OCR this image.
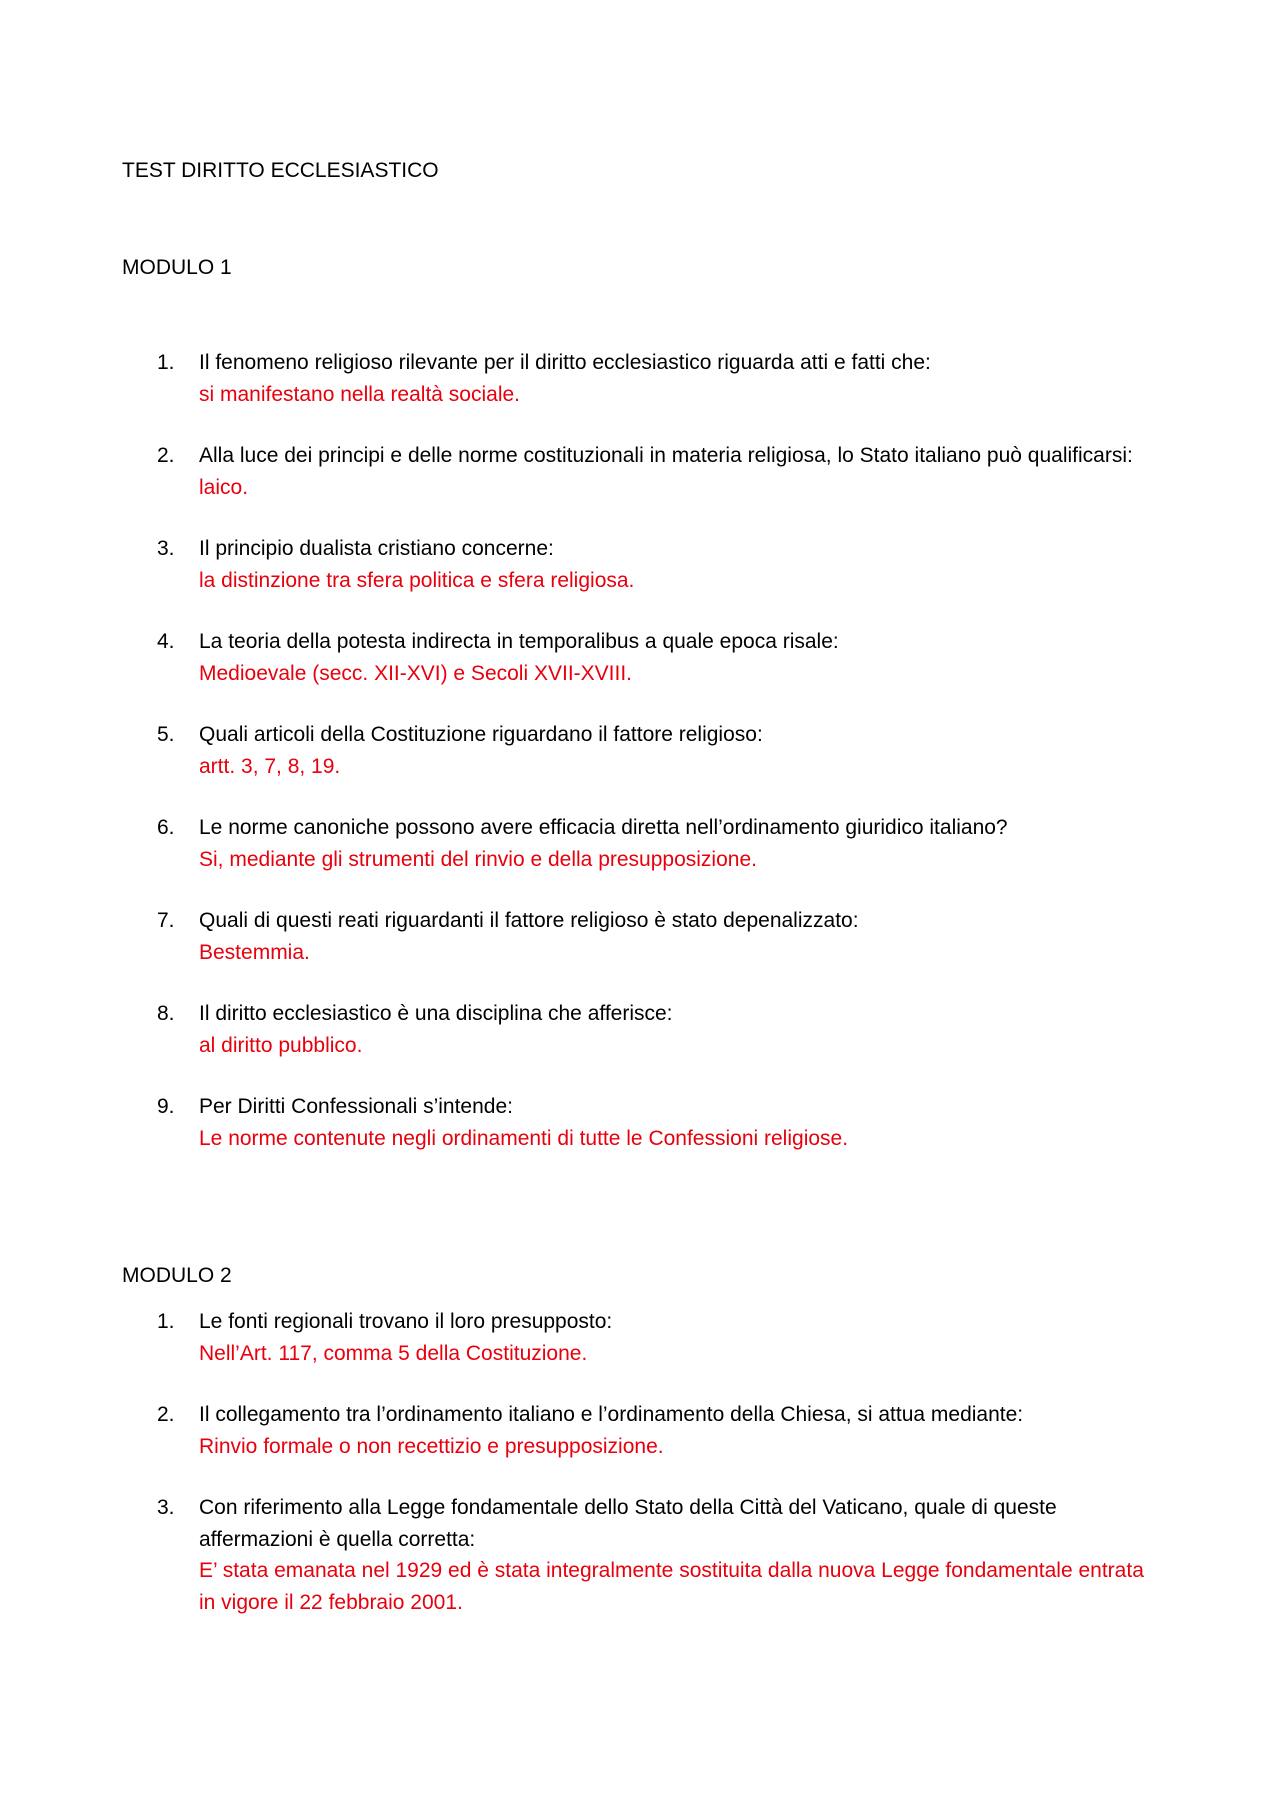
TEST DIRITTO ECCLESIASTICO
MODULO 1
1.	Il fenomeno religioso rilevante per il diritto ecclesiastico riguarda atti e fatti che:
si manifestano nella realtà sociale.
2.	Alla luce dei principi e delle norme costituzionali in materia religiosa, lo Stato italiano può qualificarsi:
laico.
3.	Il principio dualista cristiano concerne:
la distinzione tra sfera politica e sfera religiosa.
4.	La teoria della potesta indirecta in temporalibus a quale epoca risale:
Medioevale (secc. XII-XVI) e Secoli XVII-XVIII.
5.	Quali articoli della Costituzione riguardano il fattore religioso:
artt. 3, 7, 8, 19.
6.	Le norme canoniche possono avere efficacia diretta nell’ordinamento giuridico italiano?
Si, mediante gli strumenti del rinvio e della presupposizione.
7.	Quali di questi reati riguardanti il fattore religioso è stato depenalizzato:
Bestemmia.
8.	Il diritto ecclesiastico è una disciplina che afferisce:
al diritto pubblico.
9.	Per Diritti Confessionali s’intende:
Le norme contenute negli ordinamenti di tutte le Confessioni religiose.
MODULO 2
1.	Le fonti regionali trovano il loro presupposto:
Nell’Art. 117, comma 5 della Costituzione.
2.	Il collegamento tra l’ordinamento italiano e l’ordinamento della Chiesa, si attua mediante:
Rinvio formale o non recettizio e presupposizione.
3.	Con riferimento alla Legge fondamentale dello Stato della Città del Vaticano, quale di queste affermazioni è quella corretta:
E’ stata emanata nel 1929 ed è stata integralmente sostituita dalla nuova Legge fondamentale entrata in vigore il 22 febbraio 2001.
